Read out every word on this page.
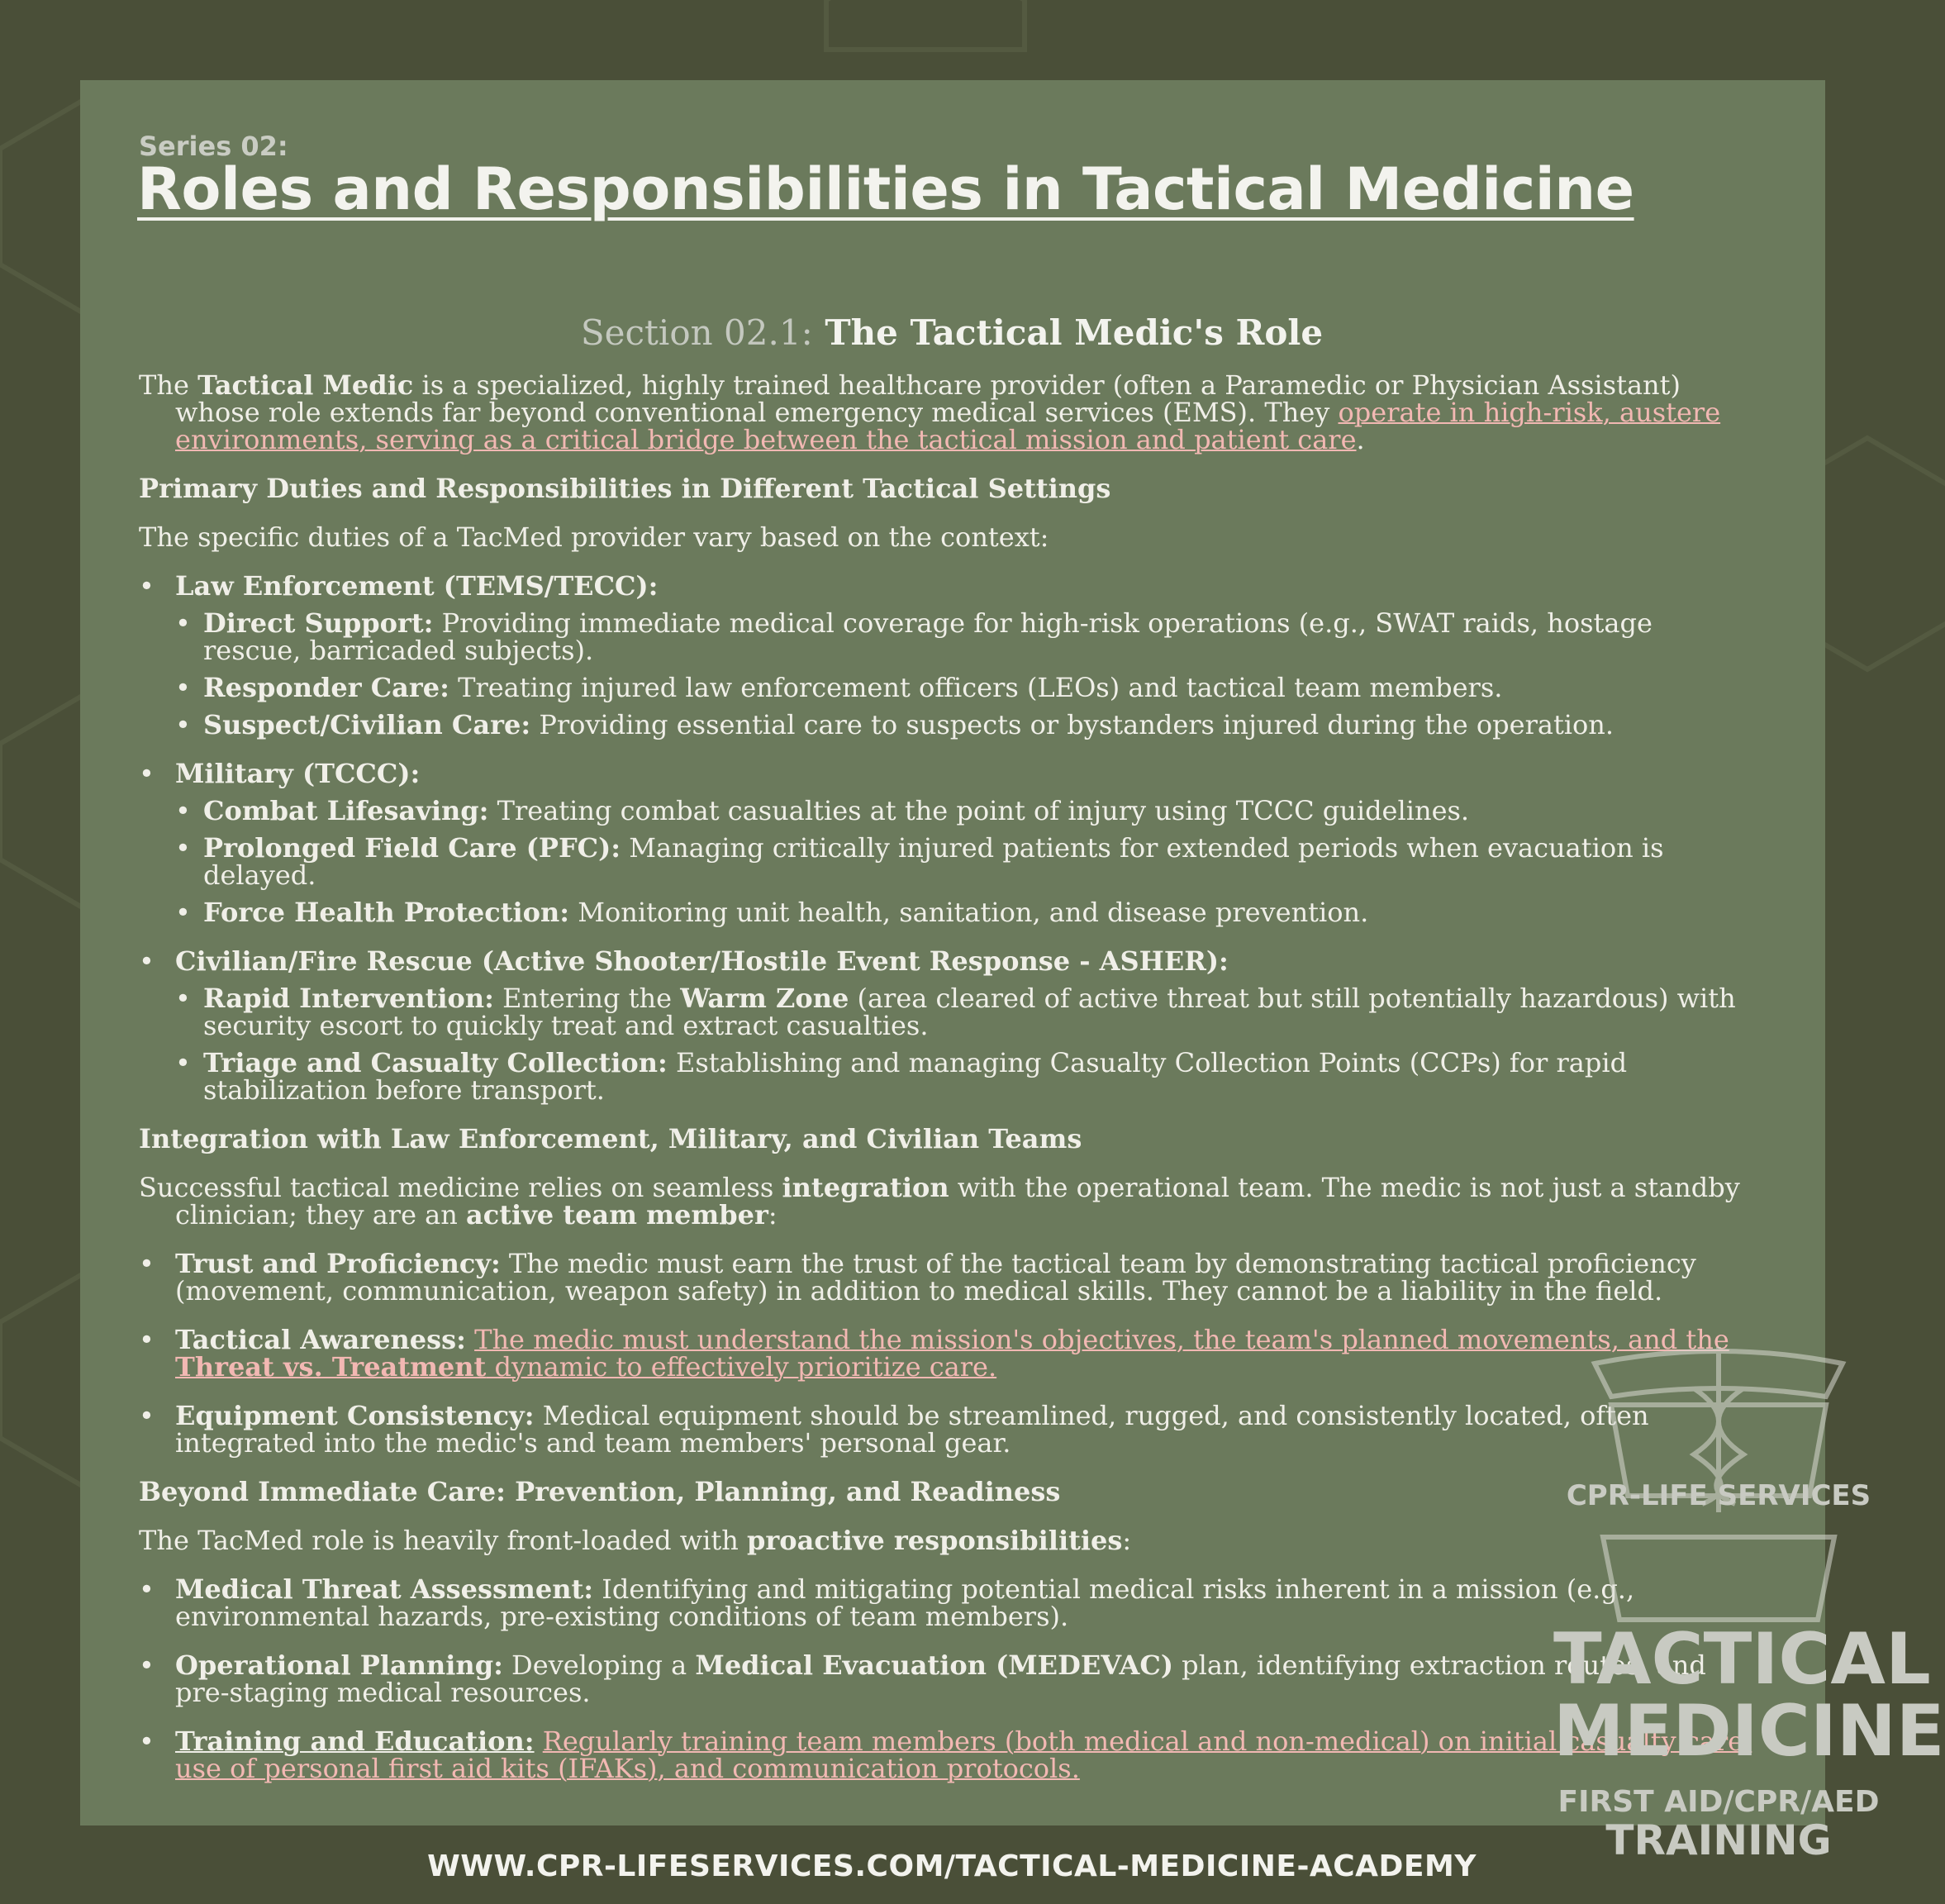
Series 02:
Roles and Responsibilities in Tactical Medicine
Section 02.1: The Tactical Medic's Role

The Tactical Medic is a specialized, highly trained healthcare provider (often a Paramedic or Physician Assistant) whose role extends far beyond conventional emergency medical services (EMS). They operate in high-risk, austere environments, serving as a critical bridge between the tactical mission and patient care.

Primary Duties and Responsibilities in Different Tactical Settings

The specific duties of a TacMed provider vary based on the context:

• Law Enforcement (TEMS/TECC):
• Direct Support: Providing immediate medical coverage for high-risk operations (e.g., SWAT raids, hostage rescue, barricaded subjects).
• Responder Care: Treating injured law enforcement officers (LEOs) and tactical team members.
• Suspect/Civilian Care: Providing essential care to suspects or bystanders injured during the operation.
• Military (TCCC):
• Combat Lifesaving: Treating combat casualties at the point of injury using TCCC guidelines.
• Prolonged Field Care (PFC): Managing critically injured patients for extended periods when evacuation is delayed.
• Force Health Protection: Monitoring unit health, sanitation, and disease prevention.
• Civilian/Fire Rescue (Active Shooter/Hostile Event Response - ASHER):
• Rapid Intervention: Entering the Warm Zone (area cleared of active threat but still potentially hazardous) with security escort to quickly treat and extract casualties.
• Triage and Casualty Collection: Establishing and managing Casualty Collection Points (CCPs) for rapid stabilization before transport.
Integration with Law Enforcement, Military, and Civilian Teams

Successful tactical medicine relies on seamless integration with the operational team. The medic is not just a standby clinician; they are an active team member:

• Trust and Proficiency: The medic must earn the trust of the tactical team by demonstrating tactical proficiency (movement, communication, weapon safety) in addition to medical skills. They cannot be a liability in the field.
• Tactical Awareness: The medic must understand the mission's objectives, the team's planned movements, and the Threat vs. Treatment dynamic to effectively prioritize care.
• Equipment Consistency: Medical equipment should be streamlined, rugged, and consistently located, often integrated into the medic's and team members' personal gear.
Beyond Immediate Care: Prevention, Planning, and Readiness

The TacMed role is heavily front-loaded with proactive responsibilities:

• Medical Threat Assessment: Identifying and mitigating potential medical risks inherent in a mission (e.g., environmental hazards, pre-existing conditions of team members).
• Operational Planning: Developing a Medical Evacuation (MEDEVAC) plan, identifying extraction routes, and pre-staging medical resources.
• Training and Education: Regularly training team members (both medical and non-medical) on initial casualty care, use of personal first aid kits (IFAKs), and communication protocols.
CPR-LIFE SERVICES
TACTICAL
MEDICINE
FIRST AID/CPR/AED
TRAINING
WWW.CPR-LIFESERVICES.COM/TACTICAL-MEDICINE-ACADEMY
